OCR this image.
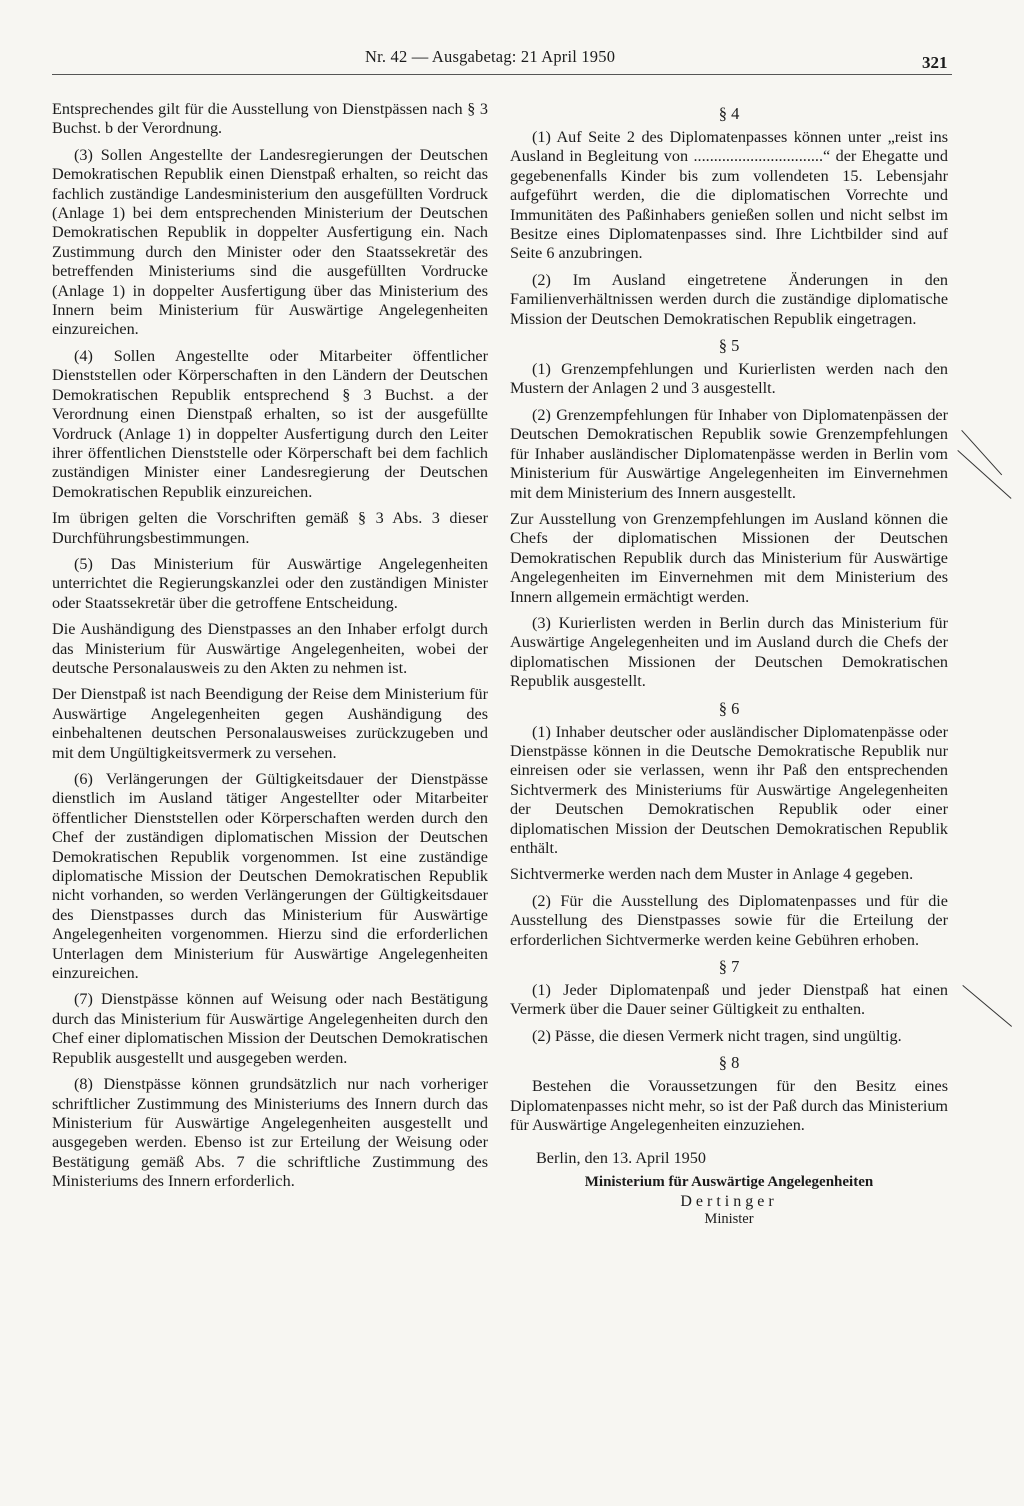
Nr. 42 — Ausgabetag: 21 April 1950	321

Entsprechendes gilt für die Ausstellung von Dienstpässen nach § 3 Buchst. b der Verordnung.

(3) Sollen Angestellte der Landesregierungen der Deutschen Demokratischen Republik einen Dienstpaß erhalten, so reicht das fachlich zuständige Landesministerium den ausgefüllten Vordruck (Anlage 1) bei dem entsprechenden Ministerium der Deutschen Demokratischen Republik in doppelter Ausfertigung ein. Nach Zustimmung durch den Minister oder den Staatssekretär des betreffenden Ministeriums sind die ausgefüllten Vordrucke (Anlage 1) in doppelter Ausfertigung über das Ministerium des Innern beim Ministerium für Auswärtige Angelegenheiten einzureichen.

(4) Sollen Angestellte oder Mitarbeiter öffentlicher Dienststellen oder Körperschaften in den Ländern der Deutschen Demokratischen Republik entsprechend § 3 Buchst. a der Verordnung einen Dienstpaß erhalten, so ist der ausgefüllte Vordruck (Anlage 1) in doppelter Ausfertigung durch den Leiter ihrer öffentlichen Dienststelle oder Körperschaft bei dem fachlich zuständigen Minister einer Landesregierung der Deutschen Demokratischen Republik einzureichen.

Im übrigen gelten die Vorschriften gemäß § 3 Abs. 3 dieser Durchführungsbestimmungen.

(5) Das Ministerium für Auswärtige Angelegenheiten unterrichtet die Regierungskanzlei oder den zuständigen Minister oder Staatssekretär über die getroffene Entscheidung.

Die Aushändigung des Dienstpasses an den Inhaber erfolgt durch das Ministerium für Auswärtige Angelegenheiten, wobei der deutsche Personalausweis zu den Akten zu nehmen ist.

Der Dienstpaß ist nach Beendigung der Reise dem Ministerium für Auswärtige Angelegenheiten gegen Aushändigung des einbehaltenen deutschen Personalausweises zurückzugeben und mit dem Ungültigkeitsvermerk zu versehen.

(6) Verlängerungen der Gültigkeitsdauer der Dienstpässe dienstlich im Ausland tätiger Angestellter oder Mitarbeiter öffentlicher Dienststellen oder Körperschaften werden durch den Chef der zuständigen diplomatischen Mission der Deutschen Demokratischen Republik vorgenommen. Ist eine zuständige diplomatische Mission der Deutschen Demokratischen Republik nicht vorhanden, so werden Verlängerungen der Gültigkeitsdauer des Dienstpasses durch das Ministerium für Auswärtige Angelegenheiten vorgenommen. Hierzu sind die erforderlichen Unterlagen dem Ministerium für Auswärtige Angelegenheiten einzureichen.

(7) Dienstpässe können auf Weisung oder nach Bestätigung durch das Ministerium für Auswärtige Angelegenheiten durch den Chef einer diplomatischen Mission der Deutschen Demokratischen Republik ausgestellt und ausgegeben werden.

(8) Dienstpässe können grundsätzlich nur nach vorheriger schriftlicher Zustimmung des Ministeriums des Innern durch das Ministerium für Auswärtige Angelegenheiten ausgestellt und ausgegeben werden. Ebenso ist zur Erteilung der Weisung oder Bestätigung gemäß Abs. 7 die schriftliche Zustimmung des Ministeriums des Innern erforderlich.

§ 4

(1) Auf Seite 2 des Diplomatenpasses können unter „reist ins Ausland in Begleitung von ................................“ der Ehegatte und gegebenenfalls Kinder bis zum vollendeten 15. Lebensjahr aufgeführt werden, die die diplomatischen Vorrechte und Immunitäten des Paßinhabers genießen sollen und nicht selbst im Besitze eines Diplomatenpasses sind. Ihre Lichtbilder sind auf Seite 6 anzubringen.

(2) Im Ausland eingetretene Änderungen in den Familienverhältnissen werden durch die zuständige diplomatische Mission der Deutschen Demokratischen Republik eingetragen.

§ 5

(1) Grenzempfehlungen und Kurierlisten werden nach den Mustern der Anlagen 2 und 3 ausgestellt.

(2) Grenzempfehlungen für Inhaber von Diplomatenpässen der Deutschen Demokratischen Republik sowie Grenzempfehlungen für Inhaber ausländischer Diplomatenpässe werden in Berlin vom Ministerium für Auswärtige Angelegenheiten im Einvernehmen mit dem Ministerium des Innern ausgestellt.

Zur Ausstellung von Grenzempfehlungen im Ausland können die Chefs der diplomatischen Missionen der Deutschen Demokratischen Republik durch das Ministerium für Auswärtige Angelegenheiten im Einvernehmen mit dem Ministerium des Innern allgemein ermächtigt werden.

(3) Kurierlisten werden in Berlin durch das Ministerium für Auswärtige Angelegenheiten und im Ausland durch die Chefs der diplomatischen Missionen der Deutschen Demokratischen Republik ausgestellt.

§ 6

(1) Inhaber deutscher oder ausländischer Diplomatenpässe oder Dienstpässe können in die Deutsche Demokratische Republik nur einreisen oder sie verlassen, wenn ihr Paß den entsprechenden Sichtvermerk des Ministeriums für Auswärtige Angelegenheiten der Deutschen Demokratischen Republik oder einer diplomatischen Mission der Deutschen Demokratischen Republik enthält.

Sichtvermerke werden nach dem Muster in Anlage 4 gegeben.

(2) Für die Ausstellung des Diplomatenpasses und für die Ausstellung des Dienstpasses sowie für die Erteilung der erforderlichen Sichtvermerke werden keine Gebühren erhoben.

§ 7

(1) Jeder Diplomatenpaß und jeder Dienstpaß hat einen Vermerk über die Dauer seiner Gültigkeit zu enthalten.

(2) Pässe, die diesen Vermerk nicht tragen, sind ungültig.

§ 8

Bestehen die Voraussetzungen für den Besitz eines Diplomatenpasses nicht mehr, so ist der Paß durch das Ministerium für Auswärtige Angelegenheiten einzuziehen.

Berlin, den 13. April 1950
Ministerium für Auswärtige Angelegenheiten
Dertinger
Minister
